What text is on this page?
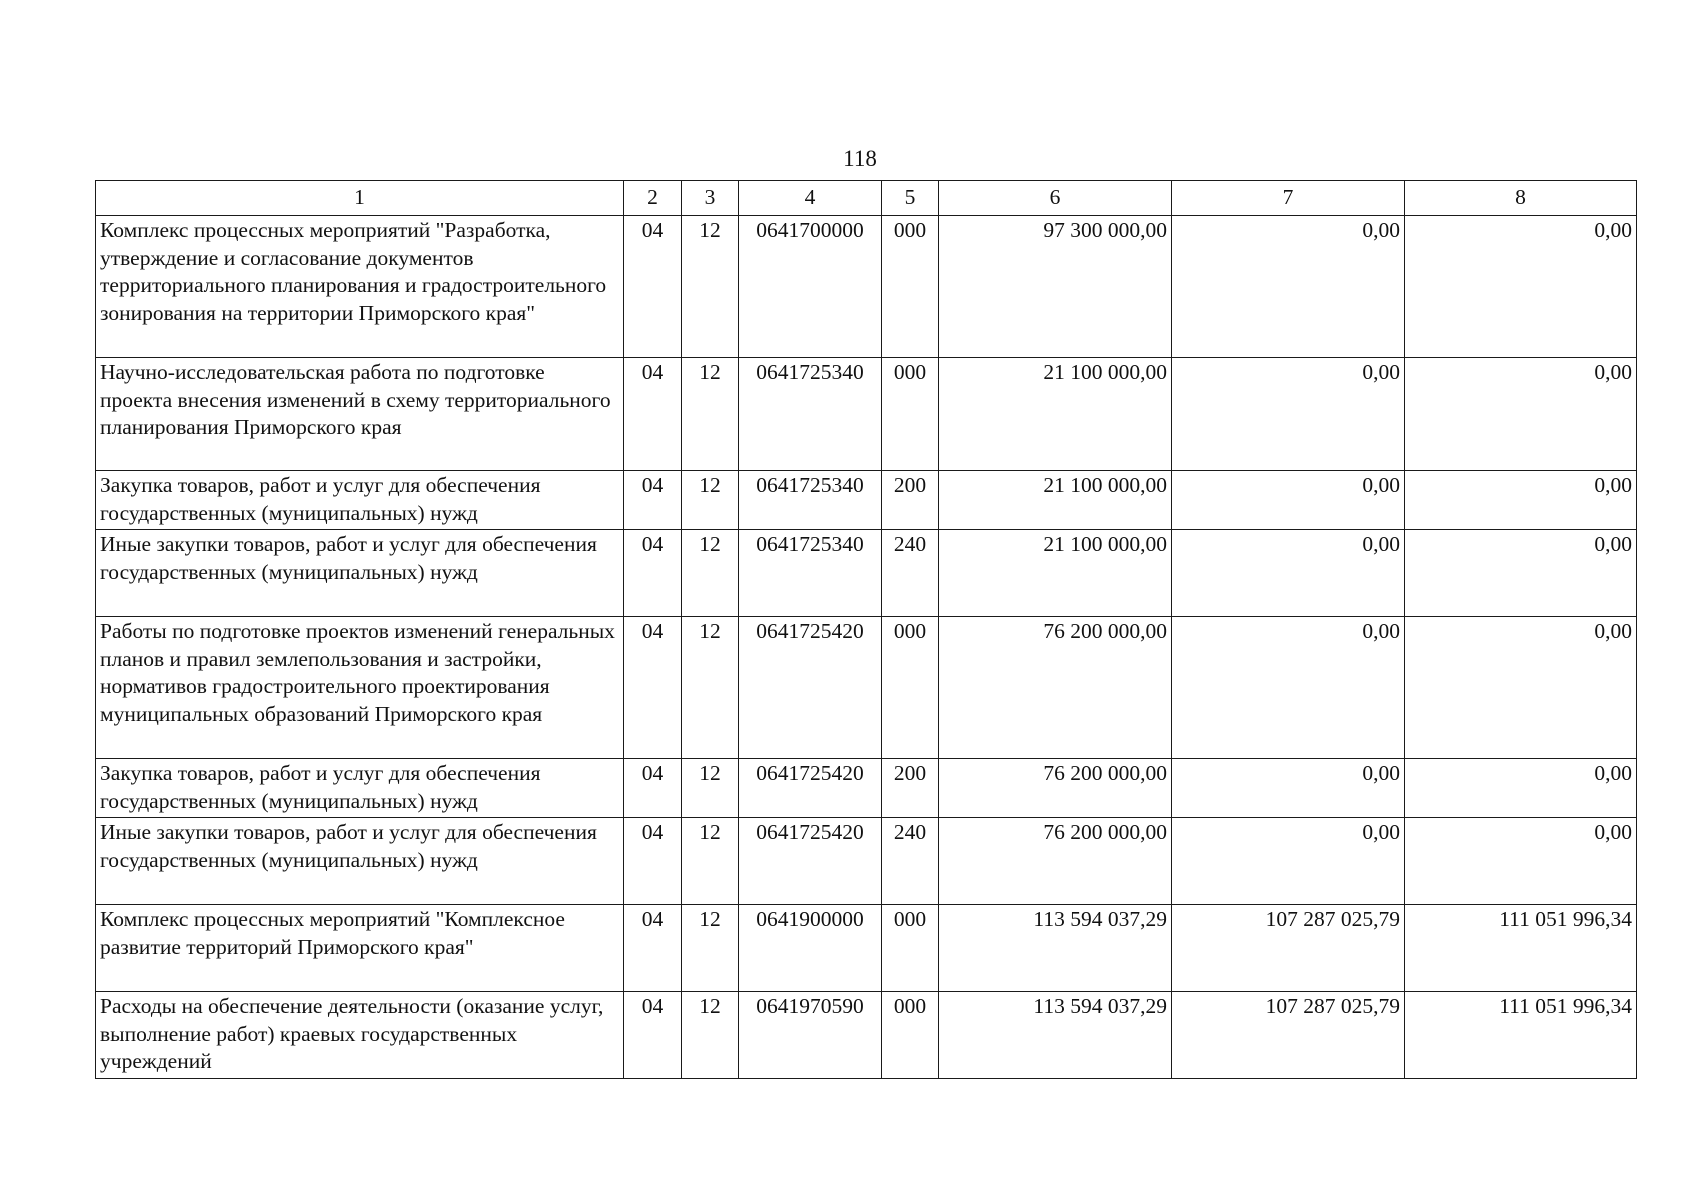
118
1	2	3	4	5	6	7	8
Комплекс процессных мероприятий "Разработка, утверждение и согласование документов территориального планирования и градостроительного зонирования на территории Приморского края"	04	12	0641700000	000	97 300 000,00	0,00	0,00
Научно-исследовательская работа по подготовке проекта внесения изменений в схему территориального планирования Приморского края	04	12	0641725340	000	21 100 000,00	0,00	0,00
Закупка товаров, работ и услуг для обеспечения государственных (муниципальных) нужд	04	12	0641725340	200	21 100 000,00	0,00	0,00
Иные закупки товаров, работ и услуг для обеспечения государственных (муниципальных) нужд	04	12	0641725340	240	21 100 000,00	0,00	0,00
Работы по подготовке проектов изменений генеральных планов и правил землепользования и застройки, нормативов градостроительного проектирования муниципальных образований Приморского края	04	12	0641725420	000	76 200 000,00	0,00	0,00
Закупка товаров, работ и услуг для обеспечения государственных (муниципальных) нужд	04	12	0641725420	200	76 200 000,00	0,00	0,00
Иные закупки товаров, работ и услуг для обеспечения государственных (муниципальных) нужд	04	12	0641725420	240	76 200 000,00	0,00	0,00
Комплекс процессных мероприятий "Комплексное развитие территорий Приморского края"	04	12	0641900000	000	113 594 037,29	107 287 025,79	111 051 996,34
Расходы на обеспечение деятельности (оказание услуг, выполнение работ) краевых государственных учреждений	04	12	0641970590	000	113 594 037,29	107 287 025,79	111 051 996,34
